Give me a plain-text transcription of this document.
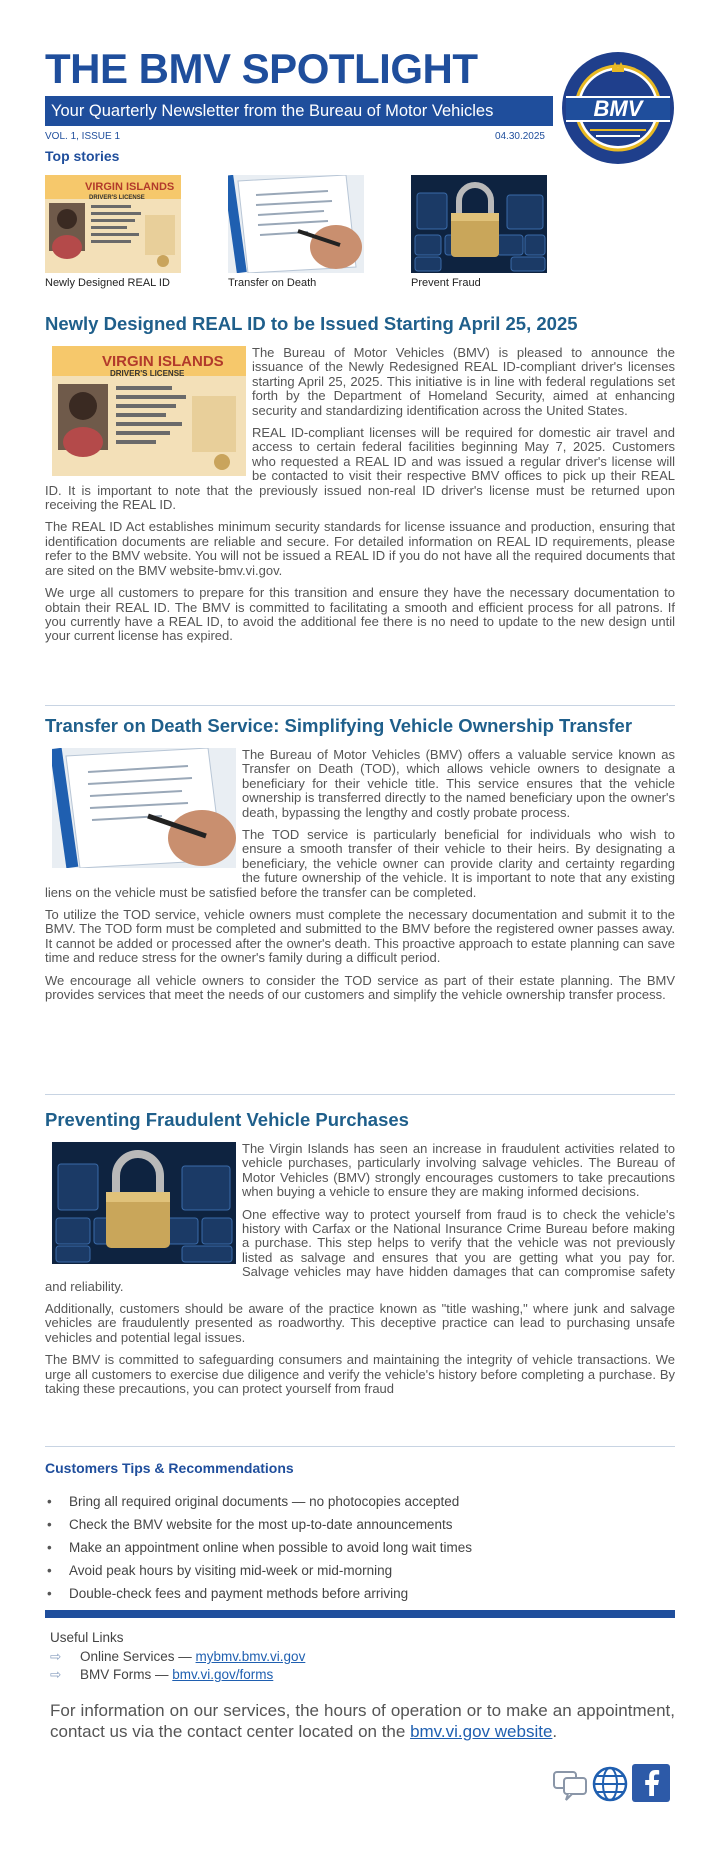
THE BMV SPOTLIGHT
Your Quarterly Newsletter from the Bureau of Motor Vehicles
VOL. 1, ISSUE 1	04.30.2025
BMV
Top stories
VIRGIN ISLANDS
DRIVER'S LICENSE
Newly Designed REAL ID	Transfer on Death	Prevent Fraud
Newly Designed REAL ID to be Issued Starting April 25, 2025
VIRGIN ISLANDS
DRIVER'S LICENSE

The Bureau of Motor Vehicles (BMV) is pleased to announce the issuance of the Newly Redesigned REAL ID-compliant driver's licenses starting April 25, 2025. This initiative is in line with federal regulations set forth by the Department of Homeland Security, aimed at enhancing security and standardizing identification across the United States.

REAL ID-compliant licenses will be required for domestic air travel and access to certain federal facilities beginning May 7, 2025. Customers who requested a REAL ID and was issued a regular driver's license will be contacted to visit their respective BMV offices to pick up their REAL ID. It is important to note that the previously issued non-real ID driver's license must be returned upon receiving the REAL ID.

The REAL ID Act establishes minimum security standards for license issuance and production, ensuring that identification documents are reliable and secure. For detailed information on REAL ID requirements, please refer to the BMV website. You will not be issued a REAL ID if you do not have all the required documents that are sited on the BMV website-bmv.vi.gov.

We urge all customers to prepare for this transition and ensure they have the necessary documentation to obtain their REAL ID. The BMV is committed to facilitating a smooth and efficient process for all patrons. If you currently have a REAL ID, to avoid the additional fee there is no need to update to the new design until your current license has expired.

Transfer on Death Service: Simplifying Vehicle Ownership Transfer

The Bureau of Motor Vehicles (BMV) offers a valuable service known as Transfer on Death (TOD), which allows vehicle owners to designate a beneficiary for their vehicle title. This service ensures that the vehicle ownership is transferred directly to the named beneficiary upon the owner's death, bypassing the lengthy and costly probate process.

The TOD service is particularly beneficial for individuals who wish to ensure a smooth transfer of their vehicle to their heirs. By designating a beneficiary, the vehicle owner can provide clarity and certainty regarding the future ownership of the vehicle. It is important to note that any existing liens on the vehicle must be satisfied before the transfer can be completed.

To utilize the TOD service, vehicle owners must complete the necessary documentation and submit it to the BMV. The TOD form must be completed and submitted to the BMV before the registered owner passes away. It cannot be added or processed after the owner's death. This proactive approach to estate planning can save time and reduce stress for the owner's family during a difficult period.

We encourage all vehicle owners to consider the TOD service as part of their estate planning. The BMV provides services that meet the needs of our customers and simplify the vehicle ownership transfer process.

Preventing Fraudulent Vehicle Purchases

The Virgin Islands has seen an increase in fraudulent activities related to vehicle purchases, particularly involving salvage vehicles. The Bureau of Motor Vehicles (BMV) strongly encourages customers to take precautions when buying a vehicle to ensure they are making informed decisions.

One effective way to protect yourself from fraud is to check the vehicle's history with Carfax or the National Insurance Crime Bureau before making a purchase. This step helps to verify that the vehicle was not previously listed as salvage and ensures that you are getting what you pay for. Salvage vehicles may have hidden damages that can compromise safety and reliability.

Additionally, customers should be aware of the practice known as "title washing," where junk and salvage vehicles are fraudulently presented as roadworthy. This deceptive practice can lead to purchasing unsafe vehicles and potential legal issues.

The BMV is committed to safeguarding consumers and maintaining the integrity of vehicle transactions. We urge all customers to exercise due diligence and verify the vehicle's history before completing a purchase. By taking these precautions, you can protect yourself from fraud

Customers Tips & Recommendations
• Bring all required original documents — no photocopies accepted
• Check the BMV website for the most up-to-date announcements
• Make an appointment online when possible to avoid long wait times
• Avoid peak hours by visiting mid-week or mid-morning
• Double-check fees and payment methods before arriving
Useful Links
⇨ Online Services — mybmv.bmv.vi.gov
⇨ BMV Forms — bmv.vi.gov/forms
For information on our services, the hours of operation or to make an appointment, contact us via the contact center located on the bmv.vi.gov website.
